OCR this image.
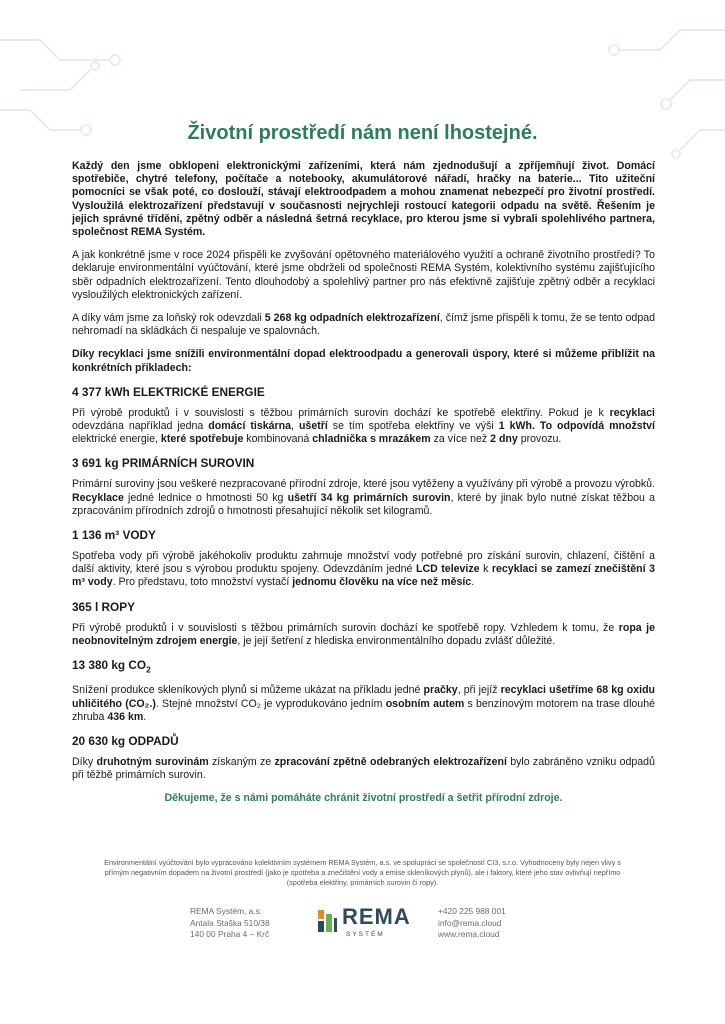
Životní prostředí nám není lhostejné.

Každý den jsme obklopeni elektronickými zařízeními, která nám zjednodušují a zpříjemňují život. Domácí spotřebiče, chytré telefony, počítače a notebooky, akumulátorové nářadí, hračky na baterie... Tito užiteční pomocníci se však poté, co doslouží, stávají elektroodpadem a mohou znamenat nebezpečí pro životní prostředí. Vysloužilá elektrozařízení představují v současnosti nejrychleji rostoucí kategorii odpadu na světě. Řešením je jejich správné třídění, zpětný odběr a následná šetrná recyklace, pro kterou jsme si vybrali spolehlivého partnera, společnost REMA Systém.

A jak konkrétně jsme v roce 2024 přispěli ke zvyšování opětovného materiálového využití a ochraně životního prostředí? To deklaruje environmentální vyúčtování, které jsme obdrželi od společnosti REMA Systém, kolektivního systému zajišťujícího sběr odpadních elektrozařízení. Tento dlouhodobý a spolehlivý partner pro nás efektivně zajišťuje zpětný odběr a recyklaci vysloužilých elektronických zařízení.

A díky vám jsme za loňský rok odevzdali 5 268 kg odpadních elektrozařízení, čímž jsme přispěli k tomu, že se tento odpad nehromadí na skládkách či nespaluje ve spalovnách.

Díky recyklaci jsme snížili environmentální dopad elektroodpadu a generovali úspory, které si můžeme přiblížit na konkrétních příkladech:

4 377 kWh ELEKTRICKÉ ENERGIE

Při výrobě produktů i v souvislosti s těžbou primárních surovin dochází ke spotřebě elektřiny. Pokud je k recyklaci odevzdána například jedna domácí tiskárna, ušetří se tím spotřeba elektřiny ve výši 1 kWh. To odpovídá množství elektrické energie, které spotřebuje kombinovaná chladnička s mrazákem za více než 2 dny provozu.

3 691 kg PRIMÁRNÍCH SUROVIN

Primární suroviny jsou veškeré nezpracované přírodní zdroje, které jsou vytěženy a využívány při výrobě a provozu výrobků. Recyklace jedné lednice o hmotnosti 50 kg ušetří 34 kg primárních surovin, které by jinak bylo nutné získat těžbou a zpracováním přírodních zdrojů o hmotnosti přesahující několik set kilogramů.

1 136 m³ VODY

Spotřeba vody při výrobě jakéhokoliv produktu zahrnuje množství vody potřebné pro získání surovin, chlazení, čištění a další aktivity, které jsou s výrobou produktu spojeny. Odevzdáním jedné LCD televize k recyklaci se zamezí znečištění 3 m³ vody. Pro představu, toto množství vystačí jednomu člověku na více než měsíc.

365 l ROPY

Při výrobě produktů i v souvislosti s těžbou primárních surovin dochází ke spotřebě ropy. Vzhledem k tomu, že ropa je neobnovitelným zdrojem energie, je její šetření z hlediska environmentálního dopadu zvlášť důležité.

13 380 kg $CO_2$

Snížení produkce skleníkových plynů si můžeme ukázat na příkladu jedné pračky, při jejíž recyklaci ušetříme 68 kg oxidu uhličitého (CO₂.). Stejné množství CO₂ je vyprodukováno jedním osobním autem s benzínovým motorem na trase dlouhé zhruba 436 km.

20 630 kg ODPADŮ

Díky druhotným surovinám získaným ze zpracování zpětně odebraných elektrozařízení bylo zabráněno vzniku odpadů při těžbě primárních surovin.

Děkujeme, že s námi pomáháte chránit životní prostředí a šetřit přírodní zdroje.
Environmentální vyúčtování bylo vypracováno kolektivním systémem REMA Systém, a.s. ve spolupráci se společností CI3, s.r.o. Vyhodnoceny byly nejen vlivy s přímým negativním dopadem na životní prostředí (jako je spotřeba a znečištění vody a emise skleníkových plynů), ale i faktory, které jeho stav ovlivňují nepřímo (spotřeba elektřiny, primárních surovin či ropy).
REMA Systém, a.s.
Antala Staška 510/38
140 00 Praha 4 – Krč
REMA
SYSTÉM
+420 225 988 001
info@rema.cloud
www.rema.cloud
